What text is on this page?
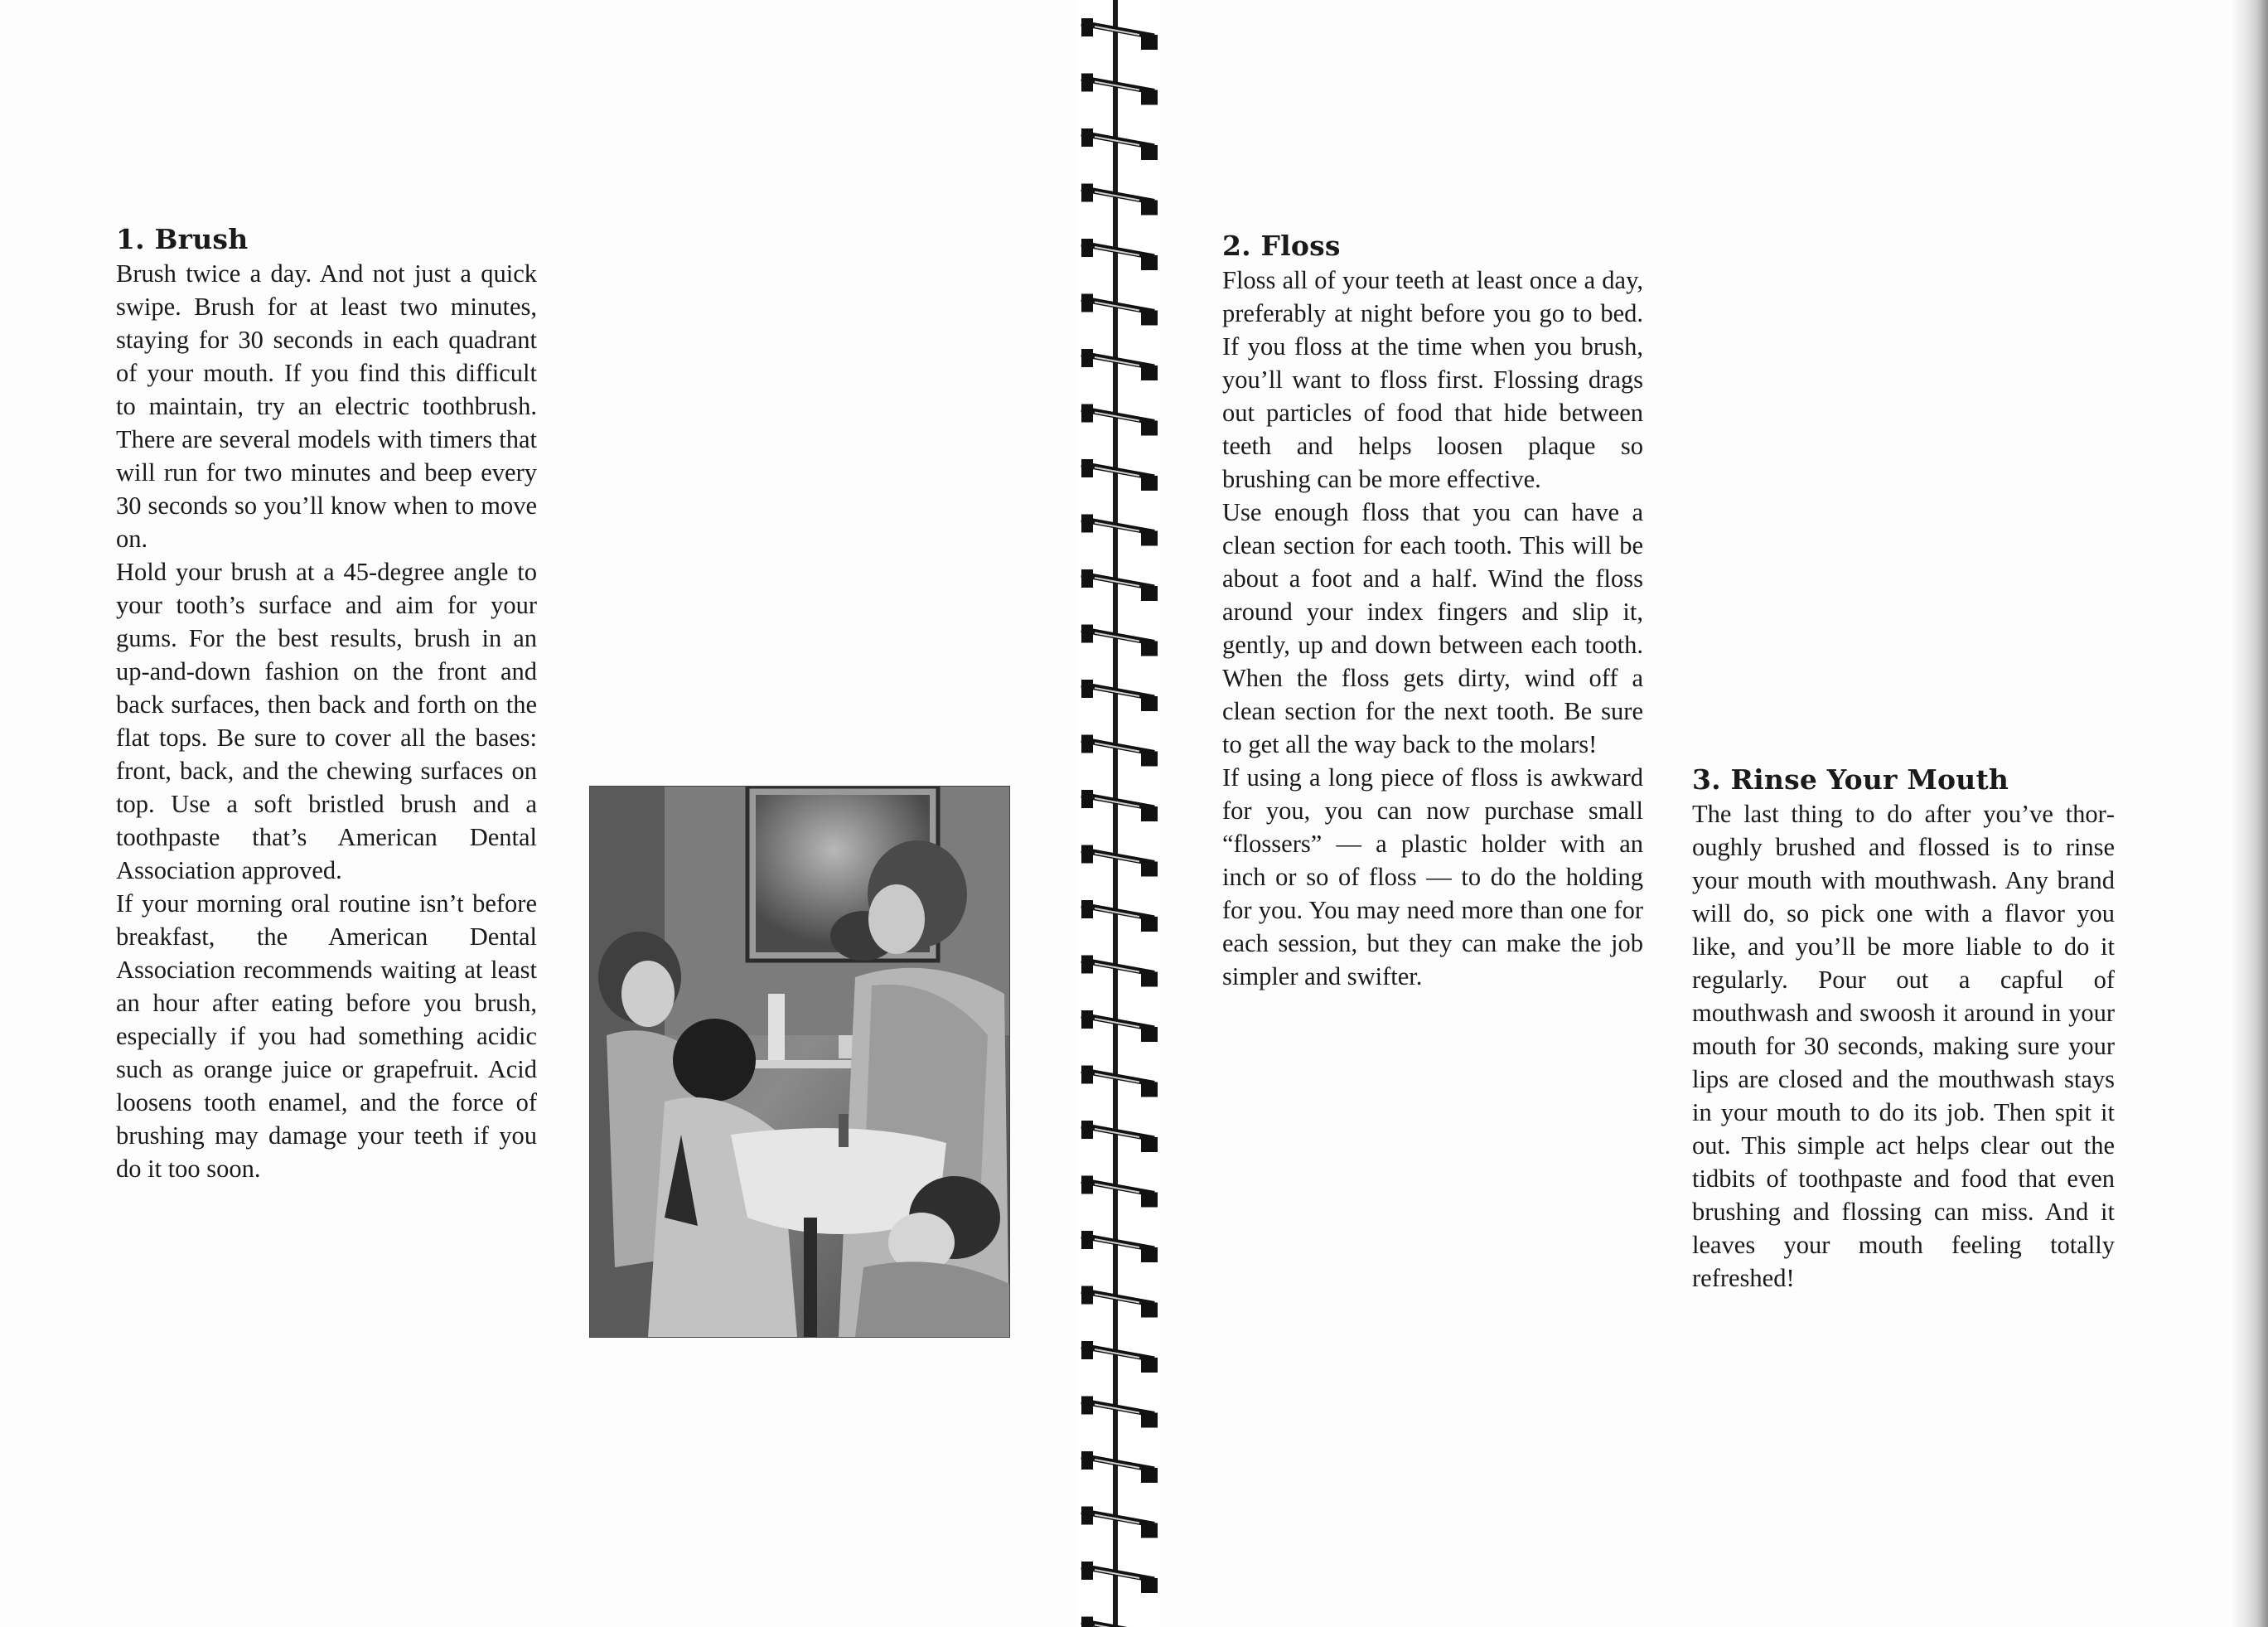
1. Brush

Brush twice a day. And not just a quick swipe. Brush for at least two minutes, staying for 30 seconds in each quadrant of your mouth. If you find this difficult to maintain, try an electric toothbrush. There are several models with timers that will run for two minutes and beep every 30 seconds so you’ll know when to move on.

Hold your brush at a 45-degree angle to your tooth’s surface and aim for your gums. For the best results, brush in an up-and-down fashion on the front and back surfaces, then back and forth on the flat tops. Be sure to cover all the bases: front, back, and the chewing surfaces on top. Use a soft bristled brush and a toothpaste that’s American Dental Association approved.

If your morning oral routine isn’t before breakfast, the American Dental Association recommends waiting at least an hour after eating before you brush, especially if you had something acidic such as orange juice or grapefruit. Acid loosens tooth enamel, and the force of brushing may damage your teeth if you do it too soon.

2. Floss

Floss all of your teeth at least once a day, preferably at night before you go to bed. If you floss at the time when you brush, you’ll want to floss first. Flossing drags out particles of food that hide between teeth and helps loosen plaque so brushing can be more effective.

Use enough floss that you can have a clean section for each tooth. This will be about a foot and a half. Wind the floss around your index fingers and slip it, gently, up and down between each tooth. When the floss gets dirty, wind off a clean section for the next tooth. Be sure to get all the way back to the molars!

If using a long piece of floss is awkward for you, you can now purchase small “flossers” — a plastic holder with an inch or so of floss — to do the holding for you. You may need more than one for each session, but they can make the job simpler and swifter.

3. Rinse Your Mouth

The last thing to do after you’ve thoroughly brushed and flossed is to rinse your mouth with mouthwash. Any brand will do, so pick one with a flavor you like, and you’ll be more liable to do it regularly. Pour out a capful of mouthwash and swoosh it around in your mouth for 30 seconds, making sure your lips are closed and the mouthwash stays in your mouth to do its job. Then spit it out. This simple act helps clear out the tidbits of toothpaste and food that even brushing and flossing can miss. And it leaves your mouth feeling totally refreshed!
